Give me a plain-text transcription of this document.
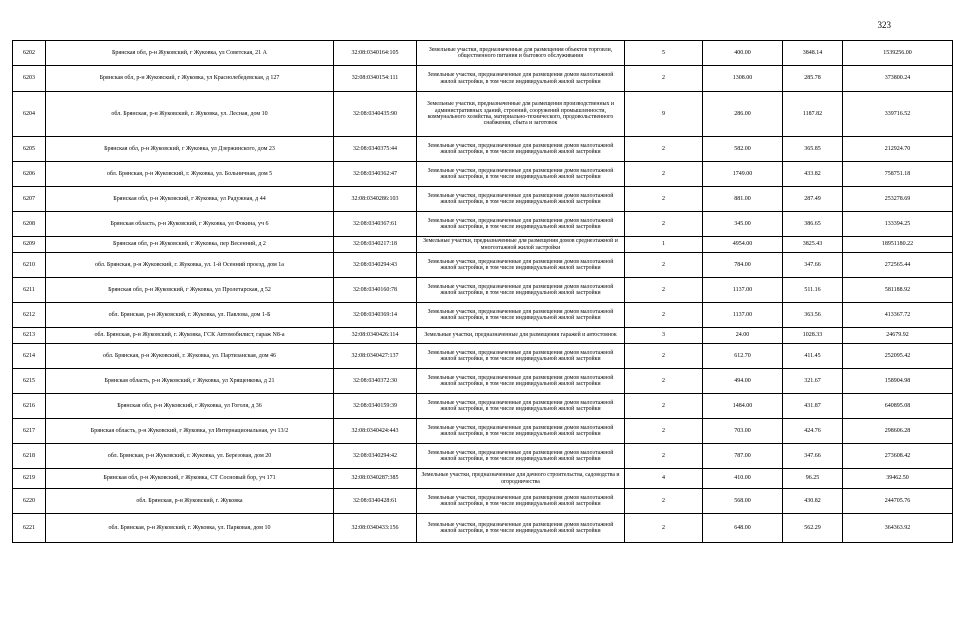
323
6202	Брянская обл, р-н Жуковский, г Жуковка, ул Советская, 21 А	32:08:0340164:105	Земельные участки, предназначенные для размещения объектов торговли, общественного питания и бытового обслуживания	5	400.00	3848.14	1539256.00
6203	Брянская обл, р-н Жуковский, г Жуковка, ул Краснолебедевская, д 127	32:08:0340154:111	Земельные участки, предназначенные для размещения домов малоэтажной жилой застройки, в том числе индивидуальной жилой застройки	2	1308.00	285.78	373800.24
6204	обл. Брянская, р-н Жуковский, г. Жуковка, ул. Лесная, дом 10	32:08:0340435:90	Земельные участки, предназначенные для размещения производственных и административных зданий, строений, сооружений промышленности, коммунального хозяйства, материально-технического, продовольственного снабжения, сбыта и заготовок	9	286.00	1187.82	339716.52
6205	Брянская обл, р-н Жуковский, г Жуковка, ул Дзержинского, дом 23	32:08:0340375:44	Земельные участки, предназначенные для размещения домов малоэтажной жилой застройки, в том числе индивидуальной жилой застройки	2	582.00	365.85	212924.70
6206	обл. Брянская, р-н Жуковский, г. Жуковка, ул. Больничная, дом 5	32:08:0340362:47	Земельные участки, предназначенные для размещения домов малоэтажной жилой застройки, в том числе индивидуальной жилой застройки	2	1749.00	433.82	758751.18
6207	Брянская обл, р-н Жуковский, г Жуковка, ул Радужная, д 44	32:08:0340286:103	Земельные участки, предназначенные для размещения домов малоэтажной жилой застройки, в том числе индивидуальной жилой застройки	2	881.00	287.49	253278.69
6208	Брянская область, р-н Жуковский, г Жуковка, ул Фокина, уч 6	32:08:0340367:61	Земельные участки, предназначенные для размещения домов малоэтажной жилой застройки, в том числе индивидуальной жилой застройки	2	345.00	386.65	133394.25
6209	Брянская обл, р-н Жуковский, г Жуковка, пер Весенний, д 2	32:08:0340217:18	Земельные участки, предназначенные для размещения домов среднеэтажной и многоэтажной жилой застройки	1	4954.00	3825.43	18951180.22
6210	обл. Брянская, р-н Жуковский, г. Жуковка, ул. 1-й Осенний проезд, дом 1а	32:08:0340294:43	Земельные участки, предназначенные для размещения домов малоэтажной жилой застройки, в том числе индивидуальной жилой застройки	2	784.00	347.66	272565.44
6211	Брянская обл, р-н Жуковский, г Жуковка, ул Пролетарская, д 52	32:08:0340160:78	Земельные участки, предназначенные для размещения домов малоэтажной жилой застройки, в том числе индивидуальной жилой застройки	2	1137.00	511.16	581188.92
6212	обл. Брянская, р-н Жуковский, г. Жуковка, ул. Павлова, дом 1-Б	32:08:0340369:14	Земельные участки, предназначенные для размещения домов малоэтажной жилой застройки, в том числе индивидуальной жилой застройки	2	1137.00	363.56	413367.72
6213	обл. Брянская, р-н Жуковский, г. Жуковка, ГСК Автомобилист, гараж N8-а	32:08:0340426:114	Земельные участки, предназначенные для размещения гаражей и автостоянок	3	24.00	1028.33	24679.92
6214	обл. Брянская, р-н Жуковский, г. Жуковка, ул. Партизанская, дом 46	32:08:0340427:137	Земельные участки, предназначенные для размещения домов малоэтажной жилой застройки, в том числе индивидуальной жилой застройки	2	612.70	411.45	252095.42
6215	Брянская область, р-н Жуковский, г Жуковка, ул Хрященкова, д 21	32:08:0340372:30	Земельные участки, предназначенные для размещения домов малоэтажной жилой застройки, в том числе индивидуальной жилой застройки	2	494.00	321.67	158904.98
6216	Брянская обл, р-н Жуковский, г Жуковка, ул Гоголя, д 36	32:08:0340159:39	Земельные участки, предназначенные для размещения домов малоэтажной жилой застройки, в том числе индивидуальной жилой застройки	2	1484.00	431.87	640895.08
6217	Брянская область, р-н Жуковский, г Жуковка, ул Интернациональная, уч 13/2	32:08:0340424:443	Земельные участки, предназначенные для размещения домов малоэтажной жилой застройки, в том числе индивидуальной жилой застройки	2	703.00	424.76	298606.28
6218	обл. Брянская, р-н Жуковский, г. Жуковка, ул. Березовая, дом 20	32:08:0340294:42	Земельные участки, предназначенные для размещения домов малоэтажной жилой застройки, в том числе индивидуальной жилой застройки	2	787.00	347.66	273608.42
6219	Брянская обл, р-н Жуковский, г Жуковка, СТ Сосновый бор, уч 171	32:08:0340287:385	Земельные участки, предназначенные для дачного строительства, садоводства и огородничества	4	410.00	96.25	39462.50
6220	обл. Брянская, р-н Жуковский, г. Жуковка	32:08:0340428:61	Земельные участки, предназначенные для размещения домов малоэтажной жилой застройки, в том числе индивидуальной жилой застройки	2	568.00	430.82	244705.76
6221	обл. Брянская, р-н Жуковский, г. Жуковка, ул. Парковая, дом 10	32:08:0340433:156	Земельные участки, предназначенные для размещения домов малоэтажной жилой застройки, в том числе индивидуальной жилой застройки	2	648.00	562.29	364363.92
